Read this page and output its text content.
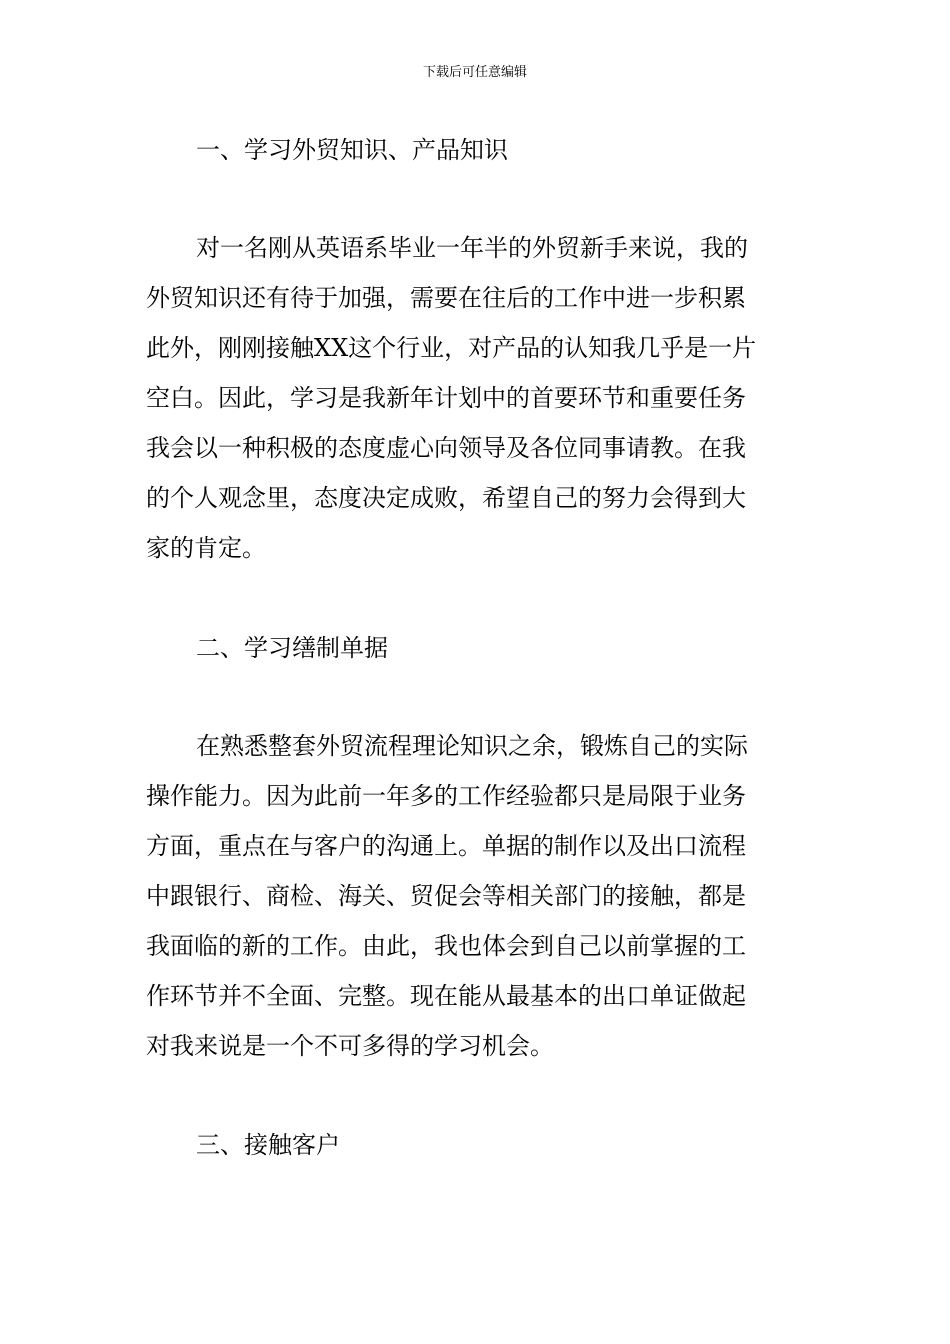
下载后可任意编辑
一、学习外贸知识、产品知识
对一名刚从英语系毕业一年半的外贸新手来说，我的
外贸知识还有待于加强，需要在往后的工作中进一步积累
此外，刚刚接触XX这个行业，对产品的认知我几乎是一片
空白。因此，学习是我新年计划中的首要环节和重要任务
我会以一种积极的态度虚心向领导及各位同事请教。在我
的个人观念里，态度决定成败，希望自己的努力会得到大
家的肯定。
二、学习缮制单据
在熟悉整套外贸流程理论知识之余，锻炼自己的实际
操作能力。因为此前一年多的工作经验都只是局限于业务
方面，重点在与客户的沟通上。单据的制作以及出口流程
中跟银行、商检、海关、贸促会等相关部门的接触，都是
我面临的新的工作。由此，我也体会到自己以前掌握的工
作环节并不全面、完整。现在能从最基本的出口单证做起
对我来说是一个不可多得的学习机会。
三、接触客户
